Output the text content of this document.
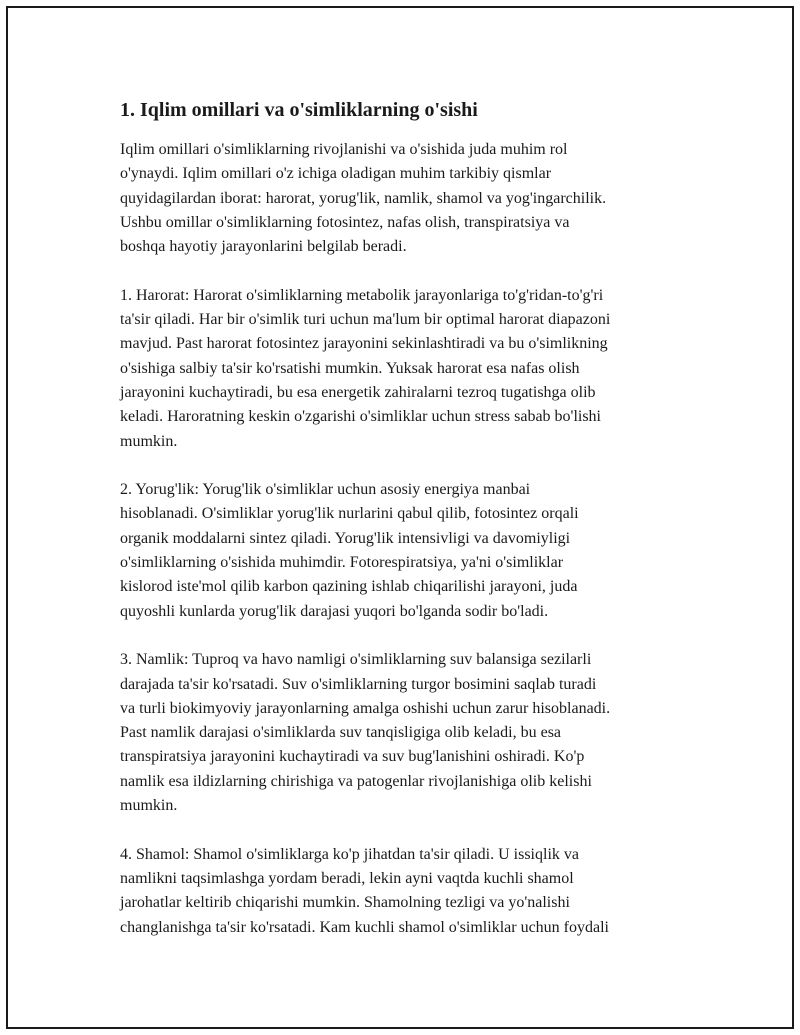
1. Iqlim omillari va o'simliklarning o'sishi

Iqlim omillari o'simliklarning rivojlanishi va o'sishida juda muhim rol
o'ynaydi. Iqlim omillari o'z ichiga oladigan muhim tarkibiy qismlar
quyidagilardan iborat: harorat, yorug'lik, namlik, shamol va yog'ingarchilik.
Ushbu omillar o'simliklarning fotosintez, nafas olish, transpiratsiya va
boshqa hayotiy jarayonlarini belgilab beradi.

1. Harorat: Harorat o'simliklarning metabolik jarayonlariga to'g'ridan-to'g'ri
ta'sir qiladi. Har bir o'simlik turi uchun ma'lum bir optimal harorat diapazoni
mavjud. Past harorat fotosintez jarayonini sekinlashtiradi va bu o'simlikning
o'sishiga salbiy ta'sir ko'rsatishi mumkin. Yuksak harorat esa nafas olish
jarayonini kuchaytiradi, bu esa energetik zahiralarni tezroq tugatishga olib
keladi. Haroratning keskin o'zgarishi o'simliklar uchun stress sabab bo'lishi
mumkin.

2. Yorug'lik: Yorug'lik o'simliklar uchun asosiy energiya manbai
hisoblanadi. O'simliklar yorug'lik nurlarini qabul qilib, fotosintez orqali
organik moddalarni sintez qiladi. Yorug'lik intensivligi va davomiyligi
o'simliklarning o'sishida muhimdir. Fotorespiratsiya, ya'ni o'simliklar
kislorod iste'mol qilib karbon qazining ishlab chiqarilishi jarayoni, juda
quyoshli kunlarda yorug'lik darajasi yuqori bo'lganda sodir bo'ladi.

3. Namlik: Tuproq va havo namligi o'simliklarning suv balansiga sezilarli
darajada ta'sir ko'rsatadi. Suv o'simliklarning turgor bosimini saqlab turadi
va turli biokimyoviy jarayonlarning amalga oshishi uchun zarur hisoblanadi.
Past namlik darajasi o'simliklarda suv tanqisligiga olib keladi, bu esa
transpiratsiya jarayonini kuchaytiradi va suv bug'lanishini oshiradi. Ko'p
namlik esa ildizlarning chirishiga va patogenlar rivojlanishiga olib kelishi
mumkin.

4. Shamol: Shamol o'simliklarga ko'p jihatdan ta'sir qiladi. U issiqlik va
namlikni taqsimlashga yordam beradi, lekin ayni vaqtda kuchli shamol
jarohatlar keltirib chiqarishi mumkin. Shamolning tezligi va yo'nalishi
changlanishga ta'sir ko'rsatadi. Kam kuchli shamol o'simliklar uchun foydali
